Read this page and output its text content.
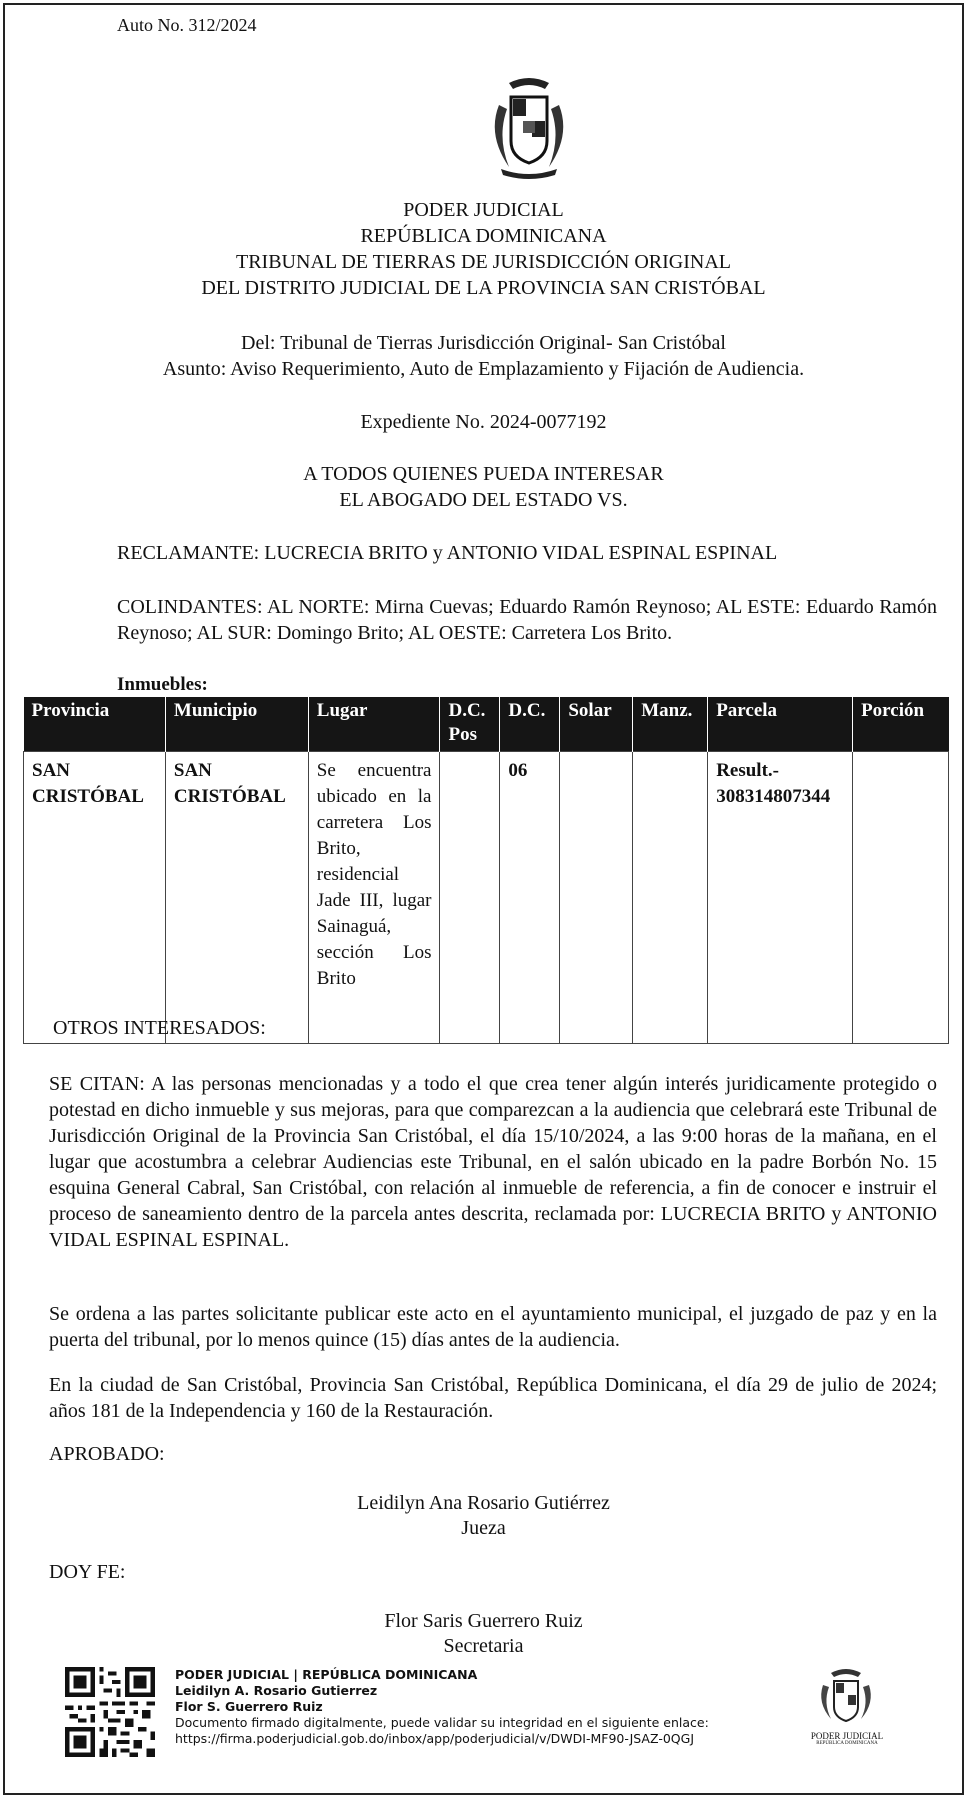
Auto No. 312/2024
PODER JUDICIAL
REPÚBLICA DOMINICANA
TRIBUNAL DE TIERRAS DE JURISDICCIÓN ORIGINAL
DEL DISTRITO JUDICIAL DE LA PROVINCIA SAN CRISTÓBAL
Del: Tribunal de Tierras Jurisdicción Original- San Cristóbal
Asunto: Aviso Requerimiento, Auto de Emplazamiento y Fijación de Audiencia.
Expediente No. 2024-0077192
A TODOS QUIENES PUEDA INTERESAR
EL ABOGADO DEL ESTADO VS.
RECLAMANTE: LUCRECIA BRITO y ANTONIO VIDAL ESPINAL ESPINAL
COLINDANTES: AL NORTE: Mirna Cuevas; Eduardo Ramón Reynoso; AL ESTE: Eduardo Ramón Reynoso; AL SUR: Domingo Brito; AL OESTE: Carretera Los Brito.
Inmuebles:
Provincia	Municipio	Lugar	D.C. Pos	D.C.	Solar	Manz.	Parcela	Porción
SAN CRISTÓBAL	SAN CRISTÓBAL	Se encuentra ubicado en la carretera Los Brito, residencial Jade III, lugar Sainaguá, sección Los Brito		06			Result.- 308314807344	
OTROS INTERESADOS:
SE CITAN: A las personas mencionadas y a todo el que crea tener algún interés juridicamente protegido o potestad en dicho inmueble y sus mejoras, para que comparezcan a la audiencia que celebrará este Tribunal de Jurisdicción Original de la Provincia San Cristóbal, el día 15/10/2024, a las 9:00 horas de la mañana, en el lugar que acostumbra a celebrar Audiencias este Tribunal, en el salón ubicado en la padre Borbón No. 15 esquina General Cabral, San Cristóbal, con relación al inmueble de referencia, a fin de conocer e instruir el proceso de saneamiento dentro de la parcela antes descrita, reclamada por: LUCRECIA BRITO y ANTONIO VIDAL ESPINAL ESPINAL.
Se ordena a las partes solicitante publicar este acto en el ayuntamiento municipal, el juzgado de paz y en la puerta del tribunal, por lo menos quince (15) días antes de la audiencia.
En la ciudad de San Cristóbal, Provincia San Cristóbal, República Dominicana, el día 29 de julio de 2024; años 181 de la Independencia y 160 de la Restauración.
APROBADO:
Leidilyn Ana Rosario Gutiérrez
Jueza
DOY FE:
Flor Saris Guerrero Ruiz
Secretaria
PODER JUDICIAL | REPÚBLICA DOMINICANA
Leidilyn A. Rosario Gutierrez
Flor S. Guerrero Ruiz
Documento firmado digitalmente, puede validar su integridad en el siguiente enlace:
https://firma.poderjudicial.gob.do/inbox/app/poderjudicial/v/DWDI-MF90-JSAZ-0QGJ	PODER JUDICIAL
REPÚBLICA DOMINICANA
